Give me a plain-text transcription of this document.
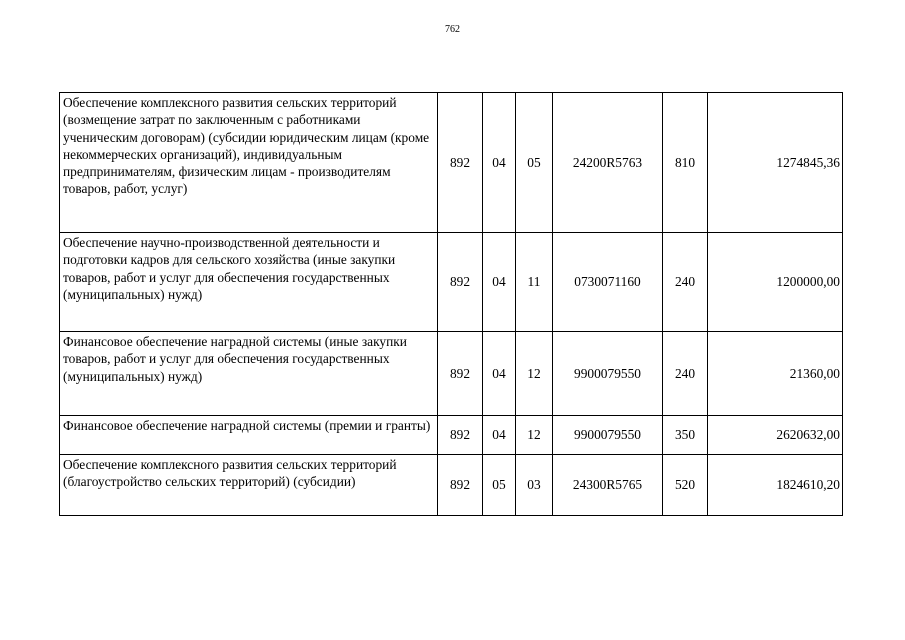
762
Обеспечение комплексного развития сельских территорий (возмещение затрат по заключенным с работниками ученическим договорам) (субсидии юридическим лицам (кроме некоммерческих организаций), индивидуальным предпринимателям, физическим лицам - производителям товаров, работ, услуг)	892	04	05	24200R5763	810	1274845,36
Обеспечение научно-производственной деятельности и подготовки кадров для сельского хозяйства (иные закупки товаров, работ и услуг для обеспечения государственных (муниципальных) нужд)	892	04	11	0730071160	240	1200000,00
Финансовое обеспечение наградной системы (иные закупки товаров, работ и услуг для обеспечения государственных (муниципальных) нужд)	892	04	12	9900079550	240	21360,00
Финансовое обеспечение наградной системы (премии и гранты)	892	04	12	9900079550	350	2620632,00
Обеспечение комплексного развития сельских территорий (благоустройство сельских территорий) (субсидии)	892	05	03	24300R5765	520	1824610,20
